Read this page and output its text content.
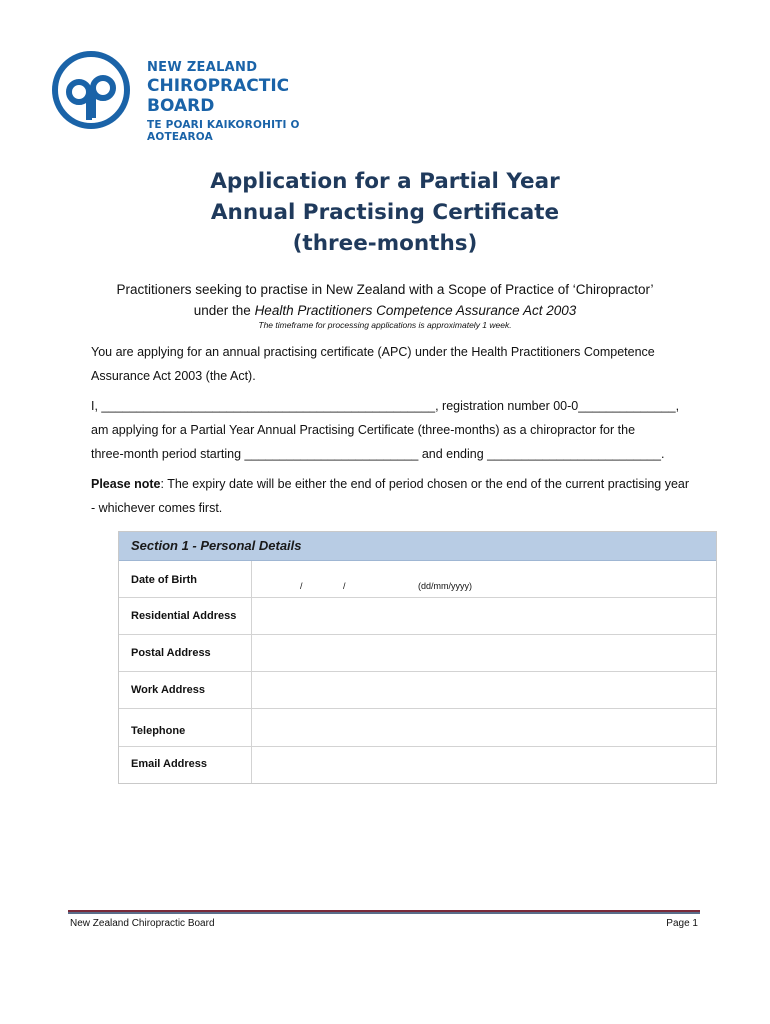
NEW ZEALAND
CHIROPRACTIC BOARD
TE POARI KAIKOROHITI O AOTEAROA
Application for a Partial Year
Annual Practising Certificate
(three-months)
Practitioners seeking to practise in New Zealand with a Scope of Practice of ‘Chiropractor’
under the Health Practitioners Competence Assurance Act 2003
The timeframe for processing applications is approximately 1 week.
You are applying for an annual practising certificate (APC) under the Health Practitioners Competence Assurance Act 2003 (the Act).
I, ________________________________________________, registration number 00-0______________,
am applying for a Partial Year Annual Practising Certificate (three-months) as a chiropractor for the
three-month period starting _________________________ and ending _________________________.
Please note: The expiry date will be either the end of period chosen or the end of the current practising year - whichever comes first.
Section 1 - Personal Details
Date of Birth	/	/	(dd/mm/yyyy)
Residential Address
Postal Address
Work Address
Telephone
Email Address
New Zealand Chiropractic Board	Page 1
